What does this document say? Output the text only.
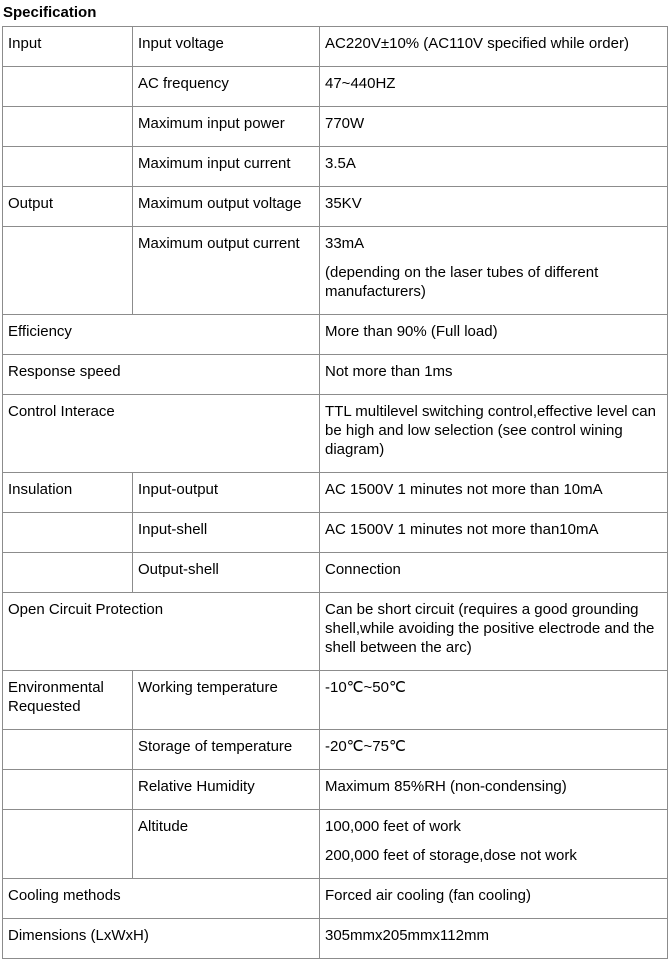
Specification
Input	Input voltage	AC220V±10% (AC110V specified while order)
	AC frequency	47~440HZ
	Maximum input power	770W
	Maximum input current	3.5A
Output	Maximum output voltage	35KV
	Maximum output current	33mA

(depending on the laser tubes of different manufacturers)

Efficiency		More than 90% (Full load)
Response speed		Not more than 1ms
Control Interace		TTL multilevel switching control,effective level can be high and low selection (see control wining diagram)
Insulation	Input-output	AC 1500V 1 minutes not more than 10mA
	Input-shell	AC 1500V 1 minutes not more than10mA
	Output-shell	Connection
Open Circuit Protection		Can be short circuit (requires a good grounding shell,while avoiding the positive electrode and the shell between the arc)
Environmental Requested	Working temperature	-10℃~50℃
	Storage of temperature	-20℃~75℃
	Relative Humidity	Maximum 85%RH (non-condensing)
	Altitude	100,000 feet of work

200,000 feet of storage,dose not work

Cooling methods		Forced air cooling (fan cooling)
Dimensions (LxWxH)		305mmx205mmx112mm
